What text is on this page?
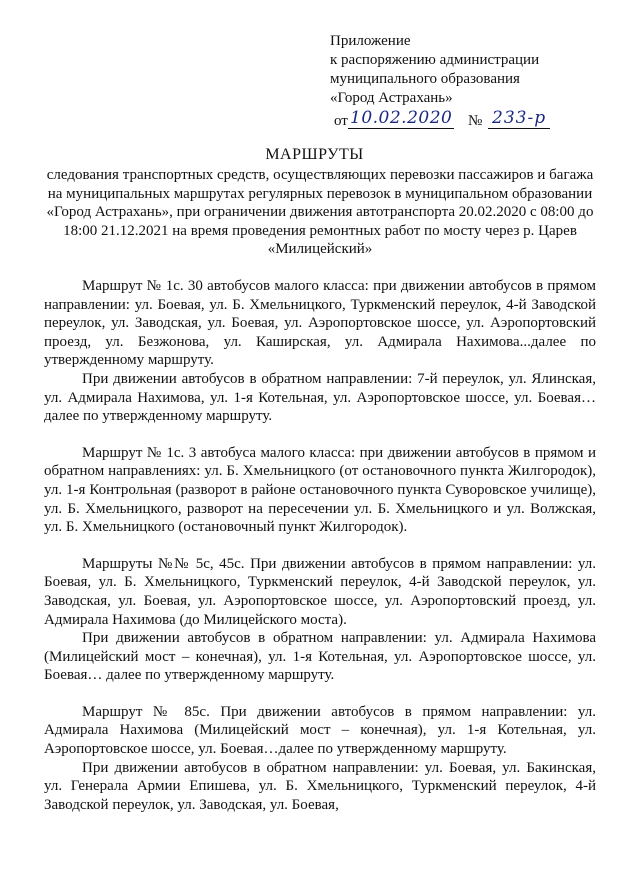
Приложение
к распоряжению администрации
муниципального образования
«Город Астрахань»
от 10.02.2020 № 233-р
МАРШРУТЫ
следования транспортных средств, осуществляющих перевозки пассажиров и багажа на муниципальных маршрутах регулярных перевозок в муниципальном образовании «Город Астрахань», при ограничении движения автотранспорта 20.02.2020 с 08:00 до 18:00 21.12.2021 на время проведения ремонтных работ по мосту через р. Царев «Милицейский»

Маршрут № 1с. 30 автобусов малого класса: при движении автобусов в прямом направлении: ул. Боевая, ул. Б. Хмельницкого, Туркменский переулок, 4-й Заводской переулок, ул. Заводская, ул. Боевая, ул. Аэропортовское шоссе, ул. Аэропортовский проезд, ул. Безжонова, ул. Каширская, ул. Адмирала Нахимова...далее по утвержденному маршруту.

При движении автобусов в обратном направлении: 7-й переулок, ул. Ялинская, ул. Адмирала Нахимова, ул. 1-я Котельная, ул. Аэропортовское шоссе, ул. Боевая…далее по утвержденному маршруту.

Маршрут № 1с. 3 автобуса малого класса: при движении автобусов в прямом и обратном направлениях: ул. Б. Хмельницкого (от остановочного пункта Жилгородок), ул. 1-я Контрольная (разворот в районе остановочного пункта Суворовское училище), ул. Б. Хмельницкого, разворот на пересечении ул. Б. Хмельницкого и ул. Волжская, ул. Б. Хмельницкого (остановочный пункт Жилгородок).

Маршруты №№ 5с, 45с. При движении автобусов в прямом направлении: ул. Боевая, ул. Б. Хмельницкого, Туркменский переулок, 4-й Заводской переулок, ул. Заводская, ул. Боевая, ул. Аэропортовское шоссе, ул. Аэропортовский проезд, ул. Адмирала Нахимова (до Милицейского моста).

При движении автобусов в обратном направлении: ул. Адмирала Нахимова (Милицейский мост – конечная), ул. 1-я Котельная, ул. Аэропортовское шоссе, ул. Боевая… далее по утвержденному маршруту.

Маршрут № 85с. При движении автобусов в прямом направлении: ул. Адмирала Нахимова (Милицейский мост – конечная), ул. 1-я Котельная, ул. Аэропортовское шоссе, ул. Боевая…далее по утвержденному маршруту.

При движении автобусов в обратном направлении: ул. Боевая, ул. Бакинская, ул. Генерала Армии Епишева, ул. Б. Хмельницкого, Туркменский переулок, 4-й Заводской переулок, ул. Заводская, ул. Боевая,
